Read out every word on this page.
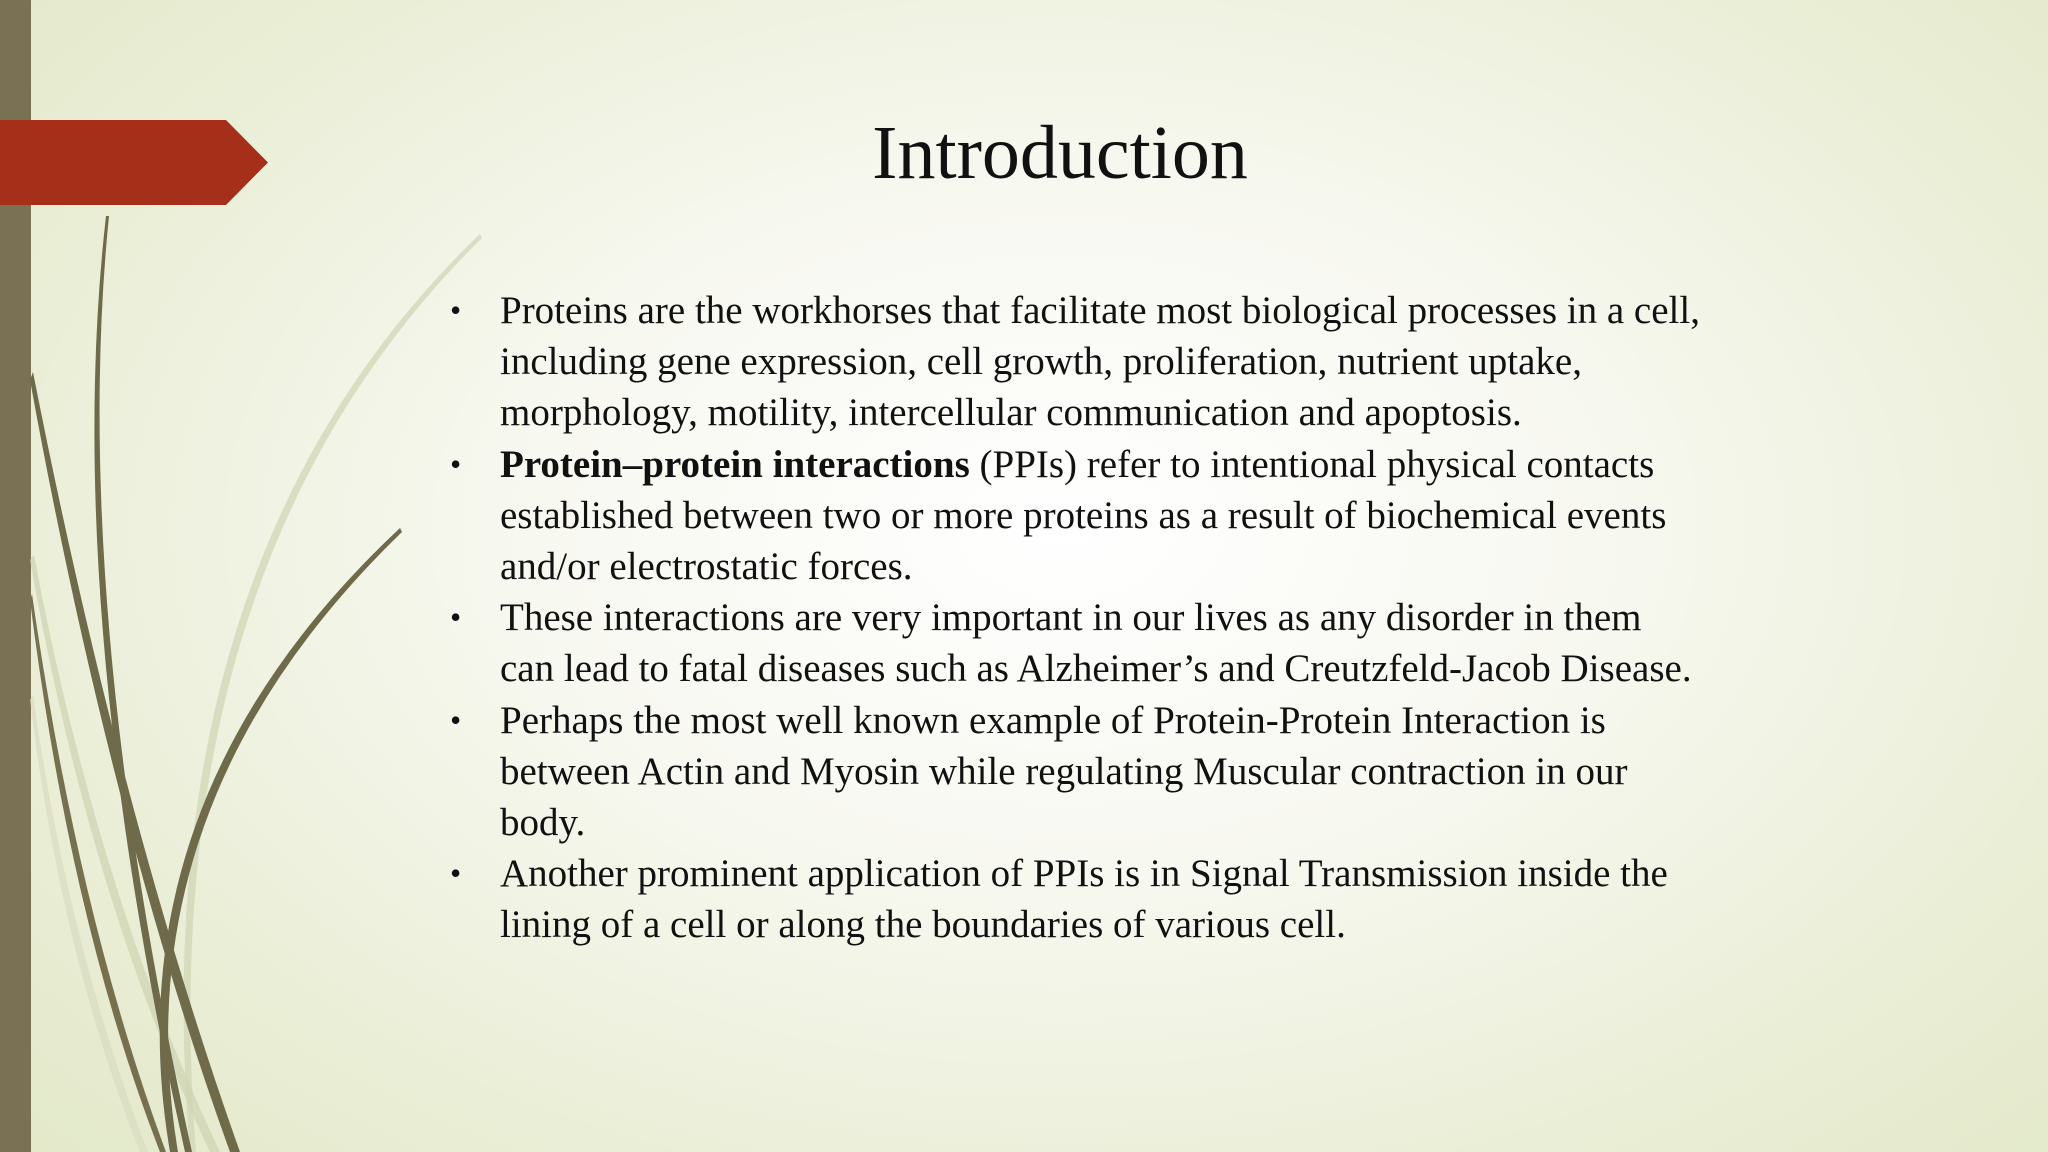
Introduction
• Proteins are the workhorses that facilitate most biological processes in a cell, including gene expression, cell growth, proliferation, nutrient uptake, morphology, motility, intercellular communication and apoptosis.
• Protein–protein interactions (PPIs) refer to intentional physical contacts established between two or more proteins as a result of biochemical events and/or electrostatic forces.
• These interactions are very important in our lives as any disorder in them can lead to fatal diseases such as Alzheimer’s and Creutzfeld-Jacob Disease.
• Perhaps the most well known example of Protein-Protein Interaction is between Actin and Myosin while regulating Muscular contraction in our body.
• Another prominent application of PPIs is in Signal Transmission inside the lining of a cell or along the boundaries of various cell.
